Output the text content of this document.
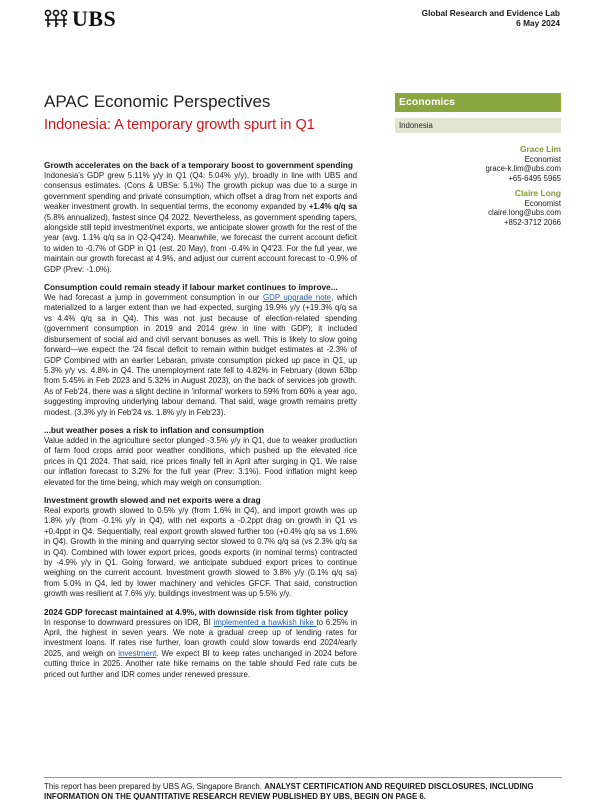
UBS	Global Research and Evidence Lab
6 May 2024
APAC Economic Perspectives
Indonesia: A temporary growth spurt in Q1
Economics
Indonesia
Grace Lim
Economist
grace-k.lim@ubs.com
+65-6495 5965
Claire Long
Economist
claire.long@ubs.com
+852-3712 2066
Growth accelerates on the back of a temporary boost to government spending

Indonesia's GDP grew 5.11% y/y in Q1 (Q4: 5.04% y/y), broadly in line with UBS and consensus estimates. (Cons & UBSe: 5.1%) The growth pickup was due to a surge in government spending and private consumption, which offset a drag from net exports and weaker investment growth. In sequential terms, the economy expanded by +1.4% q/q sa (5.8% annualized), fastest since Q4 2022. Nevertheless, as government spending tapers, alongside still tepid investment/net exports, we anticipate slower growth for the rest of the year (avg. 1.1% q/q sa in Q2-Q4'24). Meanwhile, we forecast the current account deficit to widen to -0.7% of GDP in Q1 (est. 20 May), from -0.4% in Q4'23. For the full year, we maintain our growth forecast at 4.9%, and adjust our current account forecast to -0.9% of GDP (Prev: -1.0%).

Consumption could remain steady if labour market continues to improve...

We had forecast a jump in government consumption in our GDP upgrade note, which materialized to a larger extent than we had expected, surging 19.9% y/y (+19.3% q/q sa vs 4.4% q/q sa in Q4). This was not just because of election-related spending (government consumption in 2019 and 2014 grew in line with GDP); it included disbursement of social aid and civil servant bonuses as well. This is likely to slow going forward—we expect the '24 fiscal deficit to remain within budget estimates at -2.3% of GDP Combined with an earlier Lebaran, private consumption picked up pace in Q1, up 5.3% y/y vs. 4.8% in Q4. The unemployment rate fell to 4.82% in February (down 63bp from 5.45% in Feb 2023 and 5.32% in August 2023), on the back of services job growth. As of Feb'24, there was a slight decline in 'informal' workers to 59% from 60% a year ago, suggesting improving underlying labour demand. That said, wage growth remains pretty modest. (3.3% y/y in Feb'24 vs. 1.8% y/y in Feb'23).

...but weather poses a risk to inflation and consumption

Value added in the agriculture sector plunged -3.5% y/y in Q1, due to weaker production of farm food crops amid poor weather conditions, which pushed up the elevated rice prices in Q1 2024. That said, rice prices finally fell in April after surging in Q1. We raise our inflation forecast to 3.2% for the full year (Prev: 3.1%). Food inflation might keep elevated for the time being, which may weigh on consumption.

Investment growth slowed and net exports were a drag

Real exports growth slowed to 0.5% y/y (from 1.6% in Q4), and import growth was up 1.8% y/y (from -0.1% y/y in Q4), with net exports a -0.2ppt drag on growth in Q1 vs +0.4ppt in Q4. Sequentially, real export growth slowed further too (+0.4% q/q sa vs 1.6% in Q4). Growth in the mining and quarrying sector slowed to 0.7% q/q sa (vs 2.3% q/q sa in Q4). Combined with lower export prices, goods exports (in nominal terms) contracted by -4.9% y/y in Q1. Going forward, we anticipate subdued export prices to continue weighing on the current account. Investment growth slowed to 3.8% y/y (0.1% q/q sa) from 5.0% in Q4, led by lower machinery and vehicles GFCF. That said, construction growth was resilient at 7.6% y/y, buildings investment was up 5.5% y/y.

2024 GDP forecast maintained at 4.9%, with downside risk from tighter policy

In response to downward pressures on IDR, BI implemented a hawkish hike to 6.25% in April, the highest in seven years. We note a gradual creep up of lending rates for investment loans. If rates rise further, loan growth could slow towards end 2024/early 2025, and weigh on investment. We expect BI to keep rates unchanged in 2024 before cutting thrice in 2025. Another rate hike remains on the table should Fed rate cuts be priced out further and IDR comes under renewed pressure.

This report has been prepared by UBS AG, Singapore Branch. ANALYST CERTIFICATION AND REQUIRED DISCLOSURES, INCLUDING INFORMATION ON THE QUANTITATIVE RESEARCH REVIEW PUBLISHED BY UBS, BEGIN ON PAGE 6.
